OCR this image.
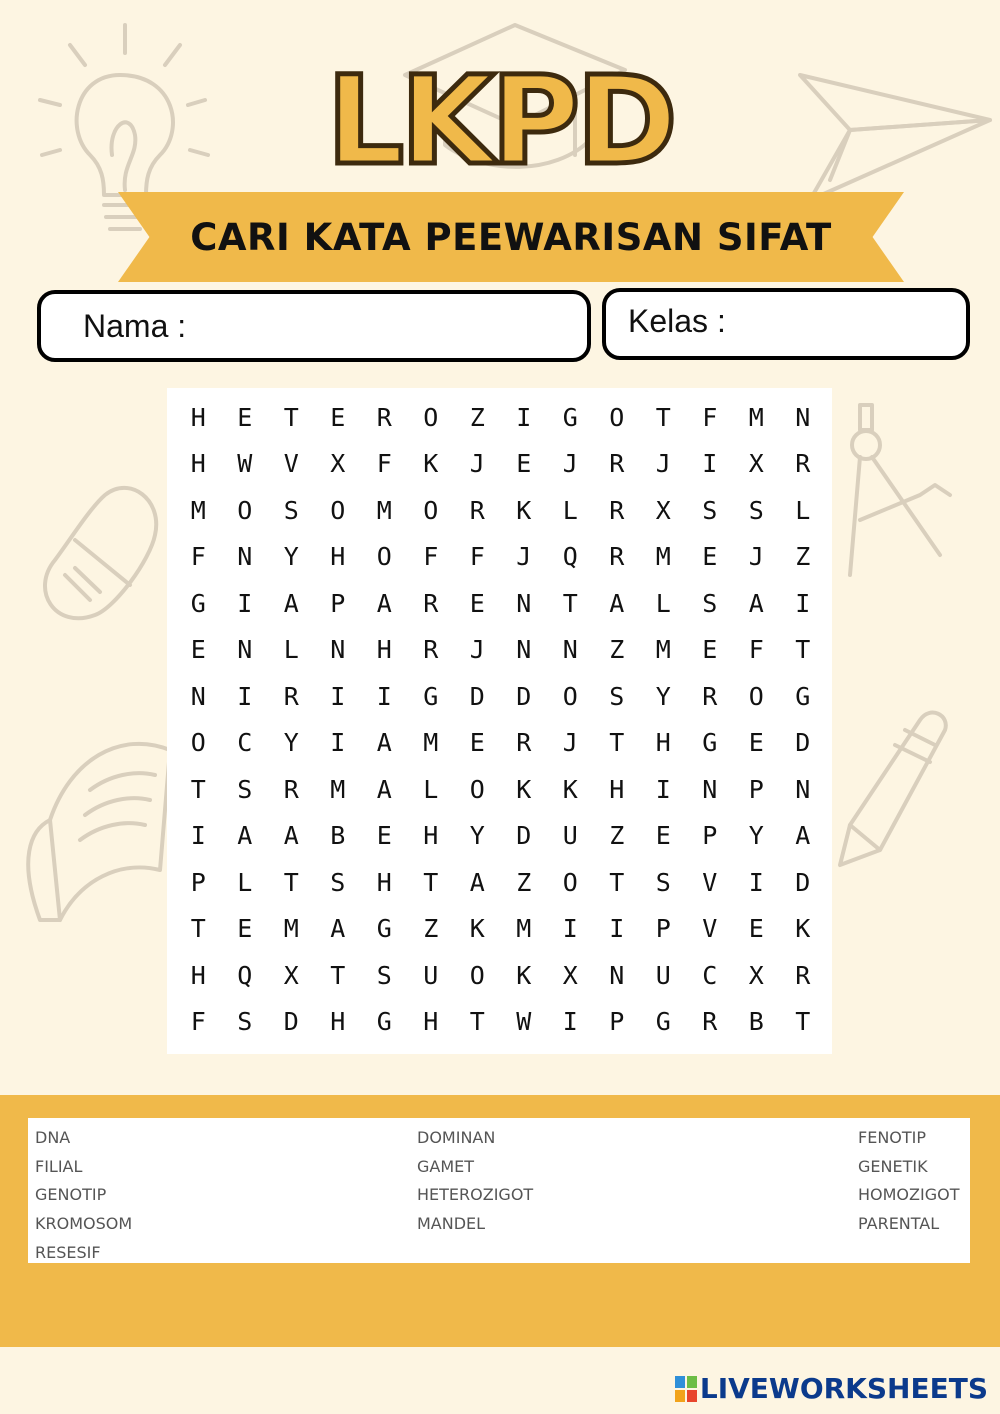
LKPD
CARI KATA PEEWARISAN SIFAT
Nama :	Kelas :
H	E	T	E	R	O	Z	I	G	O	T	F	M	N
H	W	V	X	F	K	J	E	J	R	J	I	X	R
M	O	S	O	M	O	R	K	L	R	X	S	S	L
F	N	Y	H	O	F	F	J	Q	R	M	E	J	Z
G	I	A	P	A	R	E	N	T	A	L	S	A	I
E	N	L	N	H	R	J	N	N	Z	M	E	F	T
N	I	R	I	I	G	D	D	O	S	Y	R	O	G
O	C	Y	I	A	M	E	R	J	T	H	G	E	D
T	S	R	M	A	L	O	K	K	H	I	N	P	N
I	A	A	B	E	H	Y	D	U	Z	E	P	Y	A
P	L	T	S	H	T	A	Z	O	T	S	V	I	D
T	E	M	A	G	Z	K	M	I	I	P	V	E	K
H	Q	X	T	S	U	O	K	X	N	U	C	X	R
F	S	D	H	G	H	T	W	I	P	G	R	B	T
DNA
FILIAL
GENOTIP
KROMOSOM
RESESIF
DOMINAN
GAMET
HETEROZIGOT
MANDEL
FENOTIP
GENETIK
HOMOZIGOT
PARENTAL
LIVEWORKSHEETS
